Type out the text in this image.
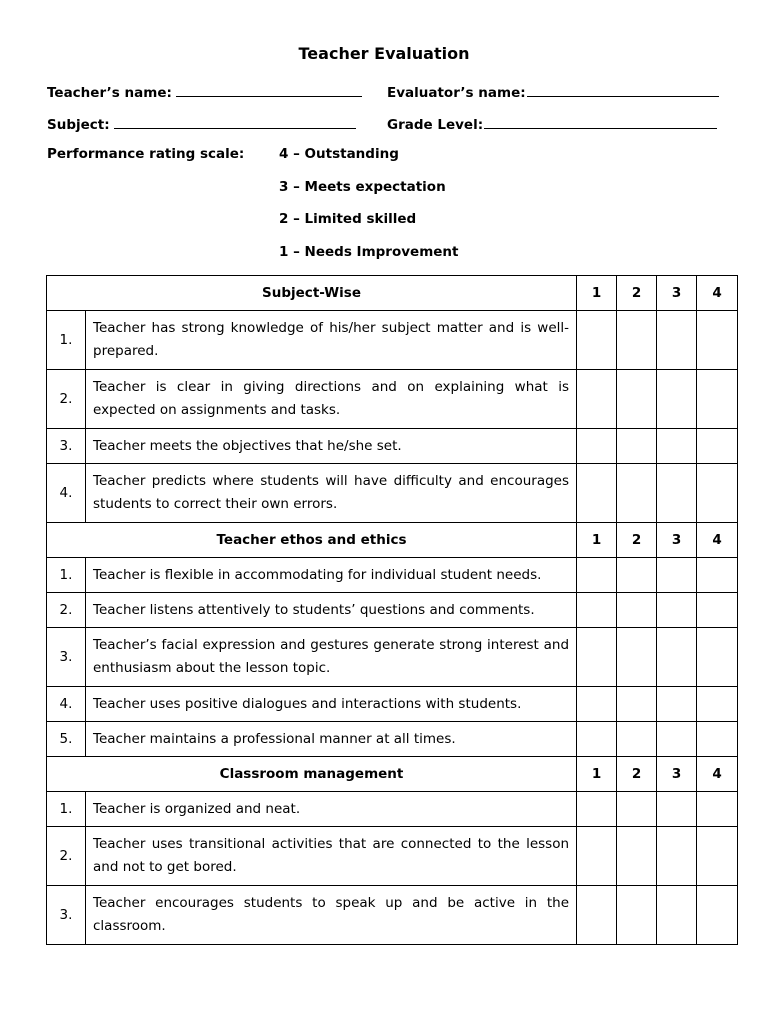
Teacher Evaluation
Teacher’s name:	Evaluator’s name:
Subject:	Grade Level:
Performance rating scale:	4 – Outstanding
3 – Meets expectation
2 – Limited skilled
1 – Needs Improvement
Subject-Wise		1	2	3	4
1.	Teacher has strong knowledge of his/her subject matter and is well-prepared.				
2.	Teacher is clear in giving directions and on explaining what is expected on assignments and tasks.				
3.	Teacher meets the objectives that he/she set.				
4.	Teacher predicts where students will have difficulty and encourages students to correct their own errors.				
Teacher ethos and ethics		1	2	3	4
1.	Teacher is flexible in accommodating for individual student needs.				
2.	Teacher listens attentively to students’ questions and comments.				
3.	Teacher’s facial expression and gestures generate strong interest and enthusiasm about the lesson topic.				
4.	Teacher uses positive dialogues and interactions with students.				
5.	Teacher maintains a professional manner at all times.				
Classroom management		1	2	3	4
1.	Teacher is organized and neat.				
2.	Teacher uses transitional activities that are connected to the lesson and not to get bored.				
3.	Teacher encourages students to speak up and be active in the classroom.				
